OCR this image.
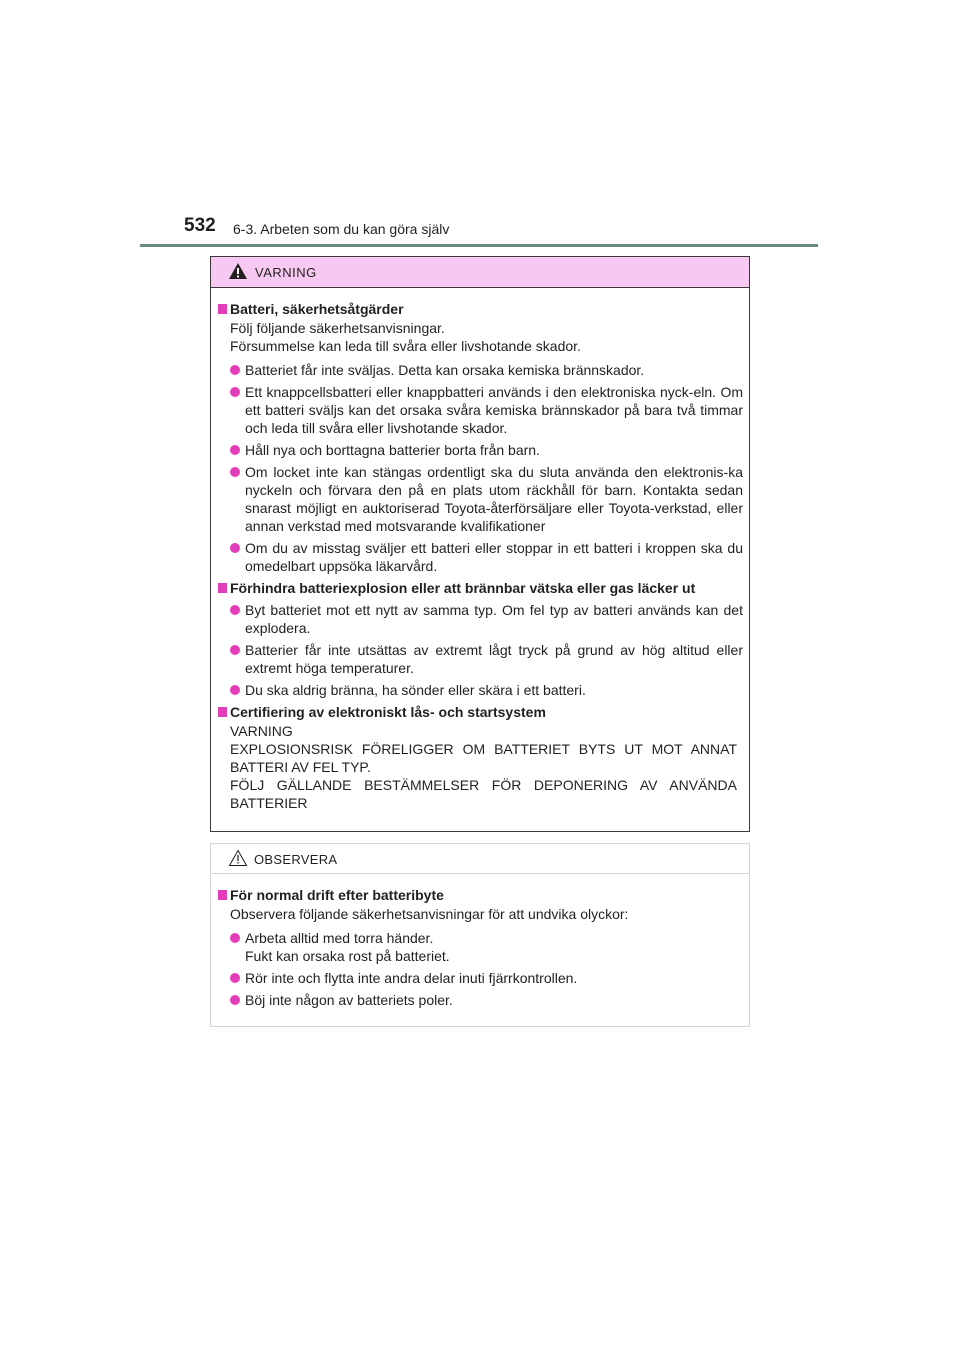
532 6-3. Arbeten som du kan göra själv
VARNING
Batteri, säkerhetsåtgärder
Följ följande säkerhetsanvisningar.
Försummelse kan leda till svåra eller livshotande skador.
Batteriet får inte sväljas. Detta kan orsaka kemiska brännskador.
Ett knappcellsbatteri eller knappbatteri används i den elektroniska nyck-eln. Om ett batteri sväljs kan det orsaka svåra kemiska brännskador på bara två timmar och leda till svåra eller livshotande skador.
Håll nya och borttagna batterier borta från barn.
Om locket inte kan stängas ordentligt ska du sluta använda den elektronis-ka nyckeln och förvara den på en plats utom räckhåll för barn. Kontakta sedan snarast möjligt en auktoriserad Toyota-återförsäljare eller Toyota-verkstad, eller annan verkstad med motsvarande kvalifikationer
Om du av misstag sväljer ett batteri eller stoppar in ett batteri i kroppen ska du omedelbart uppsöka läkarvård.
Förhindra batteriexplosion eller att brännbar vätska eller gas läcker ut
Byt batteriet mot ett nytt av samma typ. Om fel typ av batteri används kan det explodera.
Batterier får inte utsättas av extremt lågt tryck på grund av hög altitud eller extremt höga temperaturer.
Du ska aldrig bränna, ha sönder eller skära i ett batteri.
Certifiering av elektroniskt lås- och startsystem
VARNING
EXPLOSIONSRISK FÖRELIGGER OM BATTERIET BYTS UT MOT ANNAT BATTERI AV FEL TYP.
FÖLJ GÄLLANDE BESTÄMMELSER FÖR DEPONERING AV ANVÄNDA BATTERIER
OBSERVERA
För normal drift efter batteribyte
Observera följande säkerhetsanvisningar för att undvika olyckor:
Arbeta alltid med torra händer.
Fukt kan orsaka rost på batteriet.
Rör inte och flytta inte andra delar inuti fjärrkontrollen.
Böj inte någon av batteriets poler.
